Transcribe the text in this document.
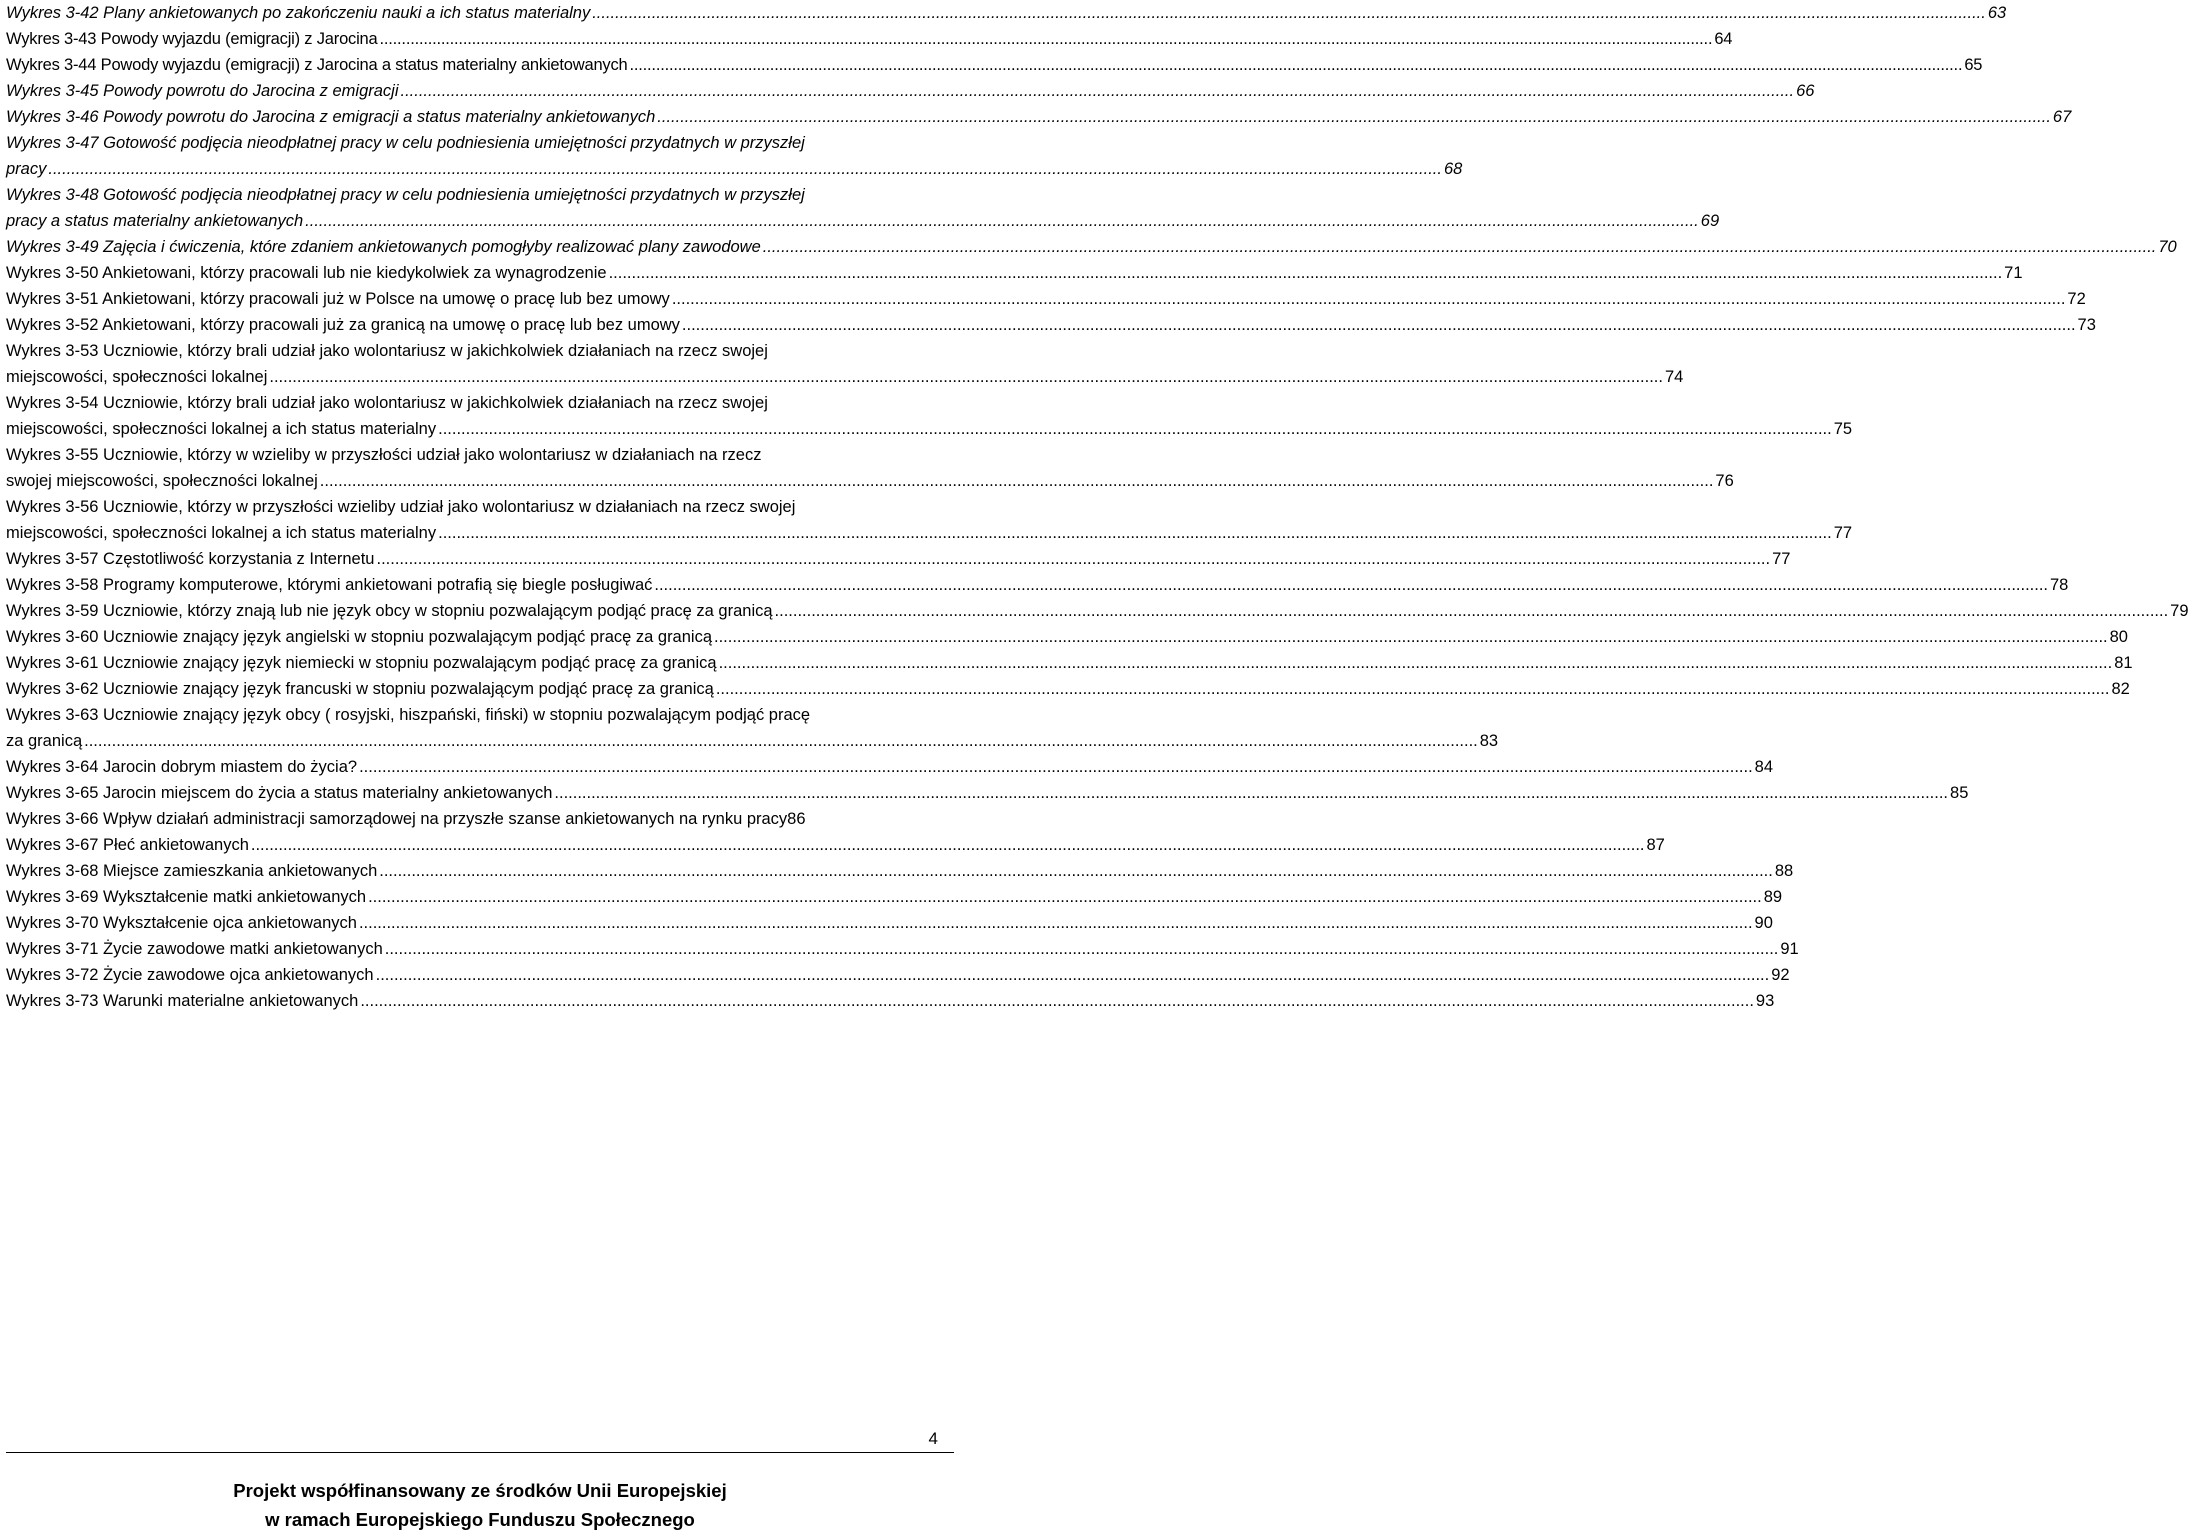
Wykres 3-42 Plany ankietowanych po zakończeniu nauki a ich status materialny .....	63
Wykres 3-43 Powody wyjazdu (emigracji) z Jarocina .....	64
Wykres 3-44 Powody wyjazdu (emigracji) z Jarocina a status materialny ankietowanych .....	65
Wykres 3-45 Powody powrotu do Jarocina z emigracji .....	66
Wykres 3-46 Powody powrotu do Jarocina z emigracji a status materialny ankietowanych .....	67
Wykres 3-47 Gotowość podjęcia nieodpłatnej pracy w celu podniesienia umiejętności przydatnych w przyszłej
pracy .....	68
Wykres 3-48 Gotowość podjęcia nieodpłatnej pracy w celu podniesienia umiejętności przydatnych w przyszłej
pracy a status materialny ankietowanych .....	69
Wykres 3-49 Zajęcia i ćwiczenia, które zdaniem ankietowanych pomogłyby realizować plany zawodowe .....	70
Wykres 3-50 Ankietowani, którzy pracowali lub nie kiedykolwiek za wynagrodzenie .....	71
Wykres 3-51 Ankietowani, którzy pracowali już w Polsce na umowę o pracę lub bez umowy .....	72
Wykres 3-52 Ankietowani, którzy pracowali już za granicą na umowę o pracę lub bez umowy .....	73
Wykres 3-53 Uczniowie, którzy brali udział jako wolontariusz w jakichkolwiek działaniach na rzecz swojej
miejscowości, społeczności lokalnej .....	74
Wykres 3-54 Uczniowie, którzy brali udział jako wolontariusz w jakichkolwiek działaniach na rzecz swojej
miejscowości, społeczności lokalnej a ich status materialny .....	75
Wykres 3-55 Uczniowie, którzy w wzieliby w przyszłości udział jako wolontariusz w działaniach na rzecz
swojej miejscowości, społeczności lokalnej .....	76
Wykres 3-56 Uczniowie, którzy w przyszłości wzieliby udział jako wolontariusz w działaniach na rzecz swojej
miejscowości, społeczności lokalnej a ich status materialny .....	77
Wykres 3-57 Częstotliwość korzystania z Internetu .....	77
Wykres 3-58 Programy komputerowe, którymi ankietowani potrafią się biegle posługiwać .....	78
Wykres 3-59 Uczniowie, którzy znają lub nie język obcy w stopniu pozwalającym podjąć pracę za granicą .....	79
Wykres 3-60 Uczniowie znający język angielski w stopniu pozwalającym podjąć pracę za granicą .....	80
Wykres 3-61 Uczniowie znający język niemiecki w stopniu pozwalającym podjąć pracę za granicą .....	81
Wykres 3-62 Uczniowie znający język francuski w stopniu pozwalającym podjąć pracę za granicą .....	82
Wykres 3-63 Uczniowie znający język obcy ( rosyjski, hiszpański, fiński) w stopniu pozwalającym podjąć pracę
za granicą .....	83
Wykres 3-64 Jarocin dobrym miastem do życia? .....	84
Wykres 3-65 Jarocin miejscem do życia a status materialny ankietowanych .....	85
Wykres 3-66 Wpływ działań administracji samorządowej na przyszłe szanse ankietowanych na rynku pracy 86
Wykres 3-67 Płeć ankietowanych .....	87
Wykres 3-68 Miejsce zamieszkania ankietowanych .....	88
Wykres 3-69 Wykształcenie matki ankietowanych .....	89
Wykres 3-70 Wykształcenie ojca ankietowanych .....	90
Wykres 3-71 Życie zawodowe matki ankietowanych .....	91
Wykres 3-72 Życie zawodowe ojca ankietowanych .....	92
Wykres 3-73 Warunki materialne ankietowanych .....	93
4
Projekt współfinansowany ze środków Unii Europejskiej
w ramach Europejskiego Funduszu Społecznego
